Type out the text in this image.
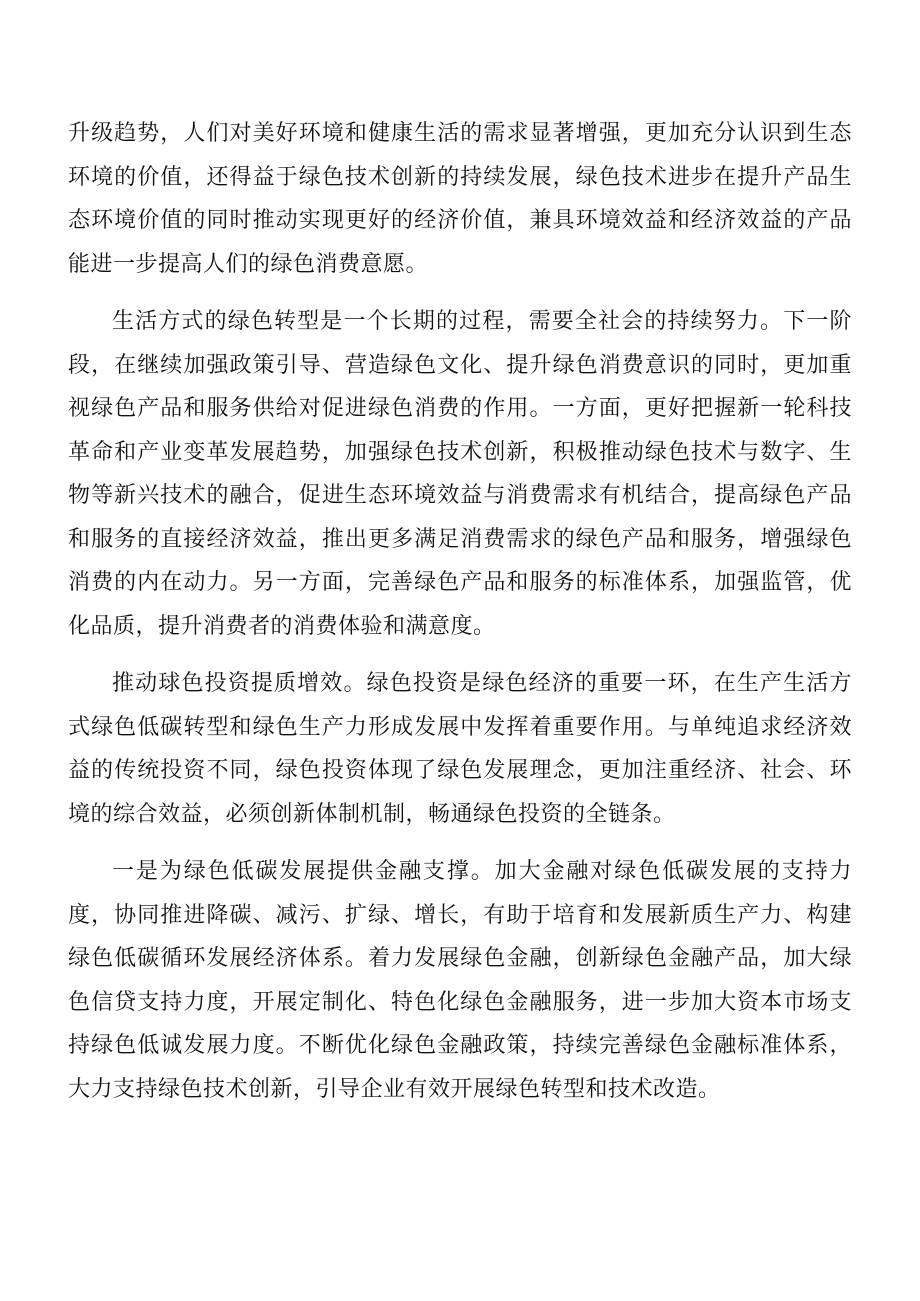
升级趋势，人们对美好环境和健康生活的需求显著增强，更加充分认识到生态环境的价值，还得益于绿色技术创新的持续发展，绿色技术进步在提升产品生态环境价值的同时推动实现更好的经济价值，兼具环境效益和经济效益的产品能进一步提高人们的绿色消费意愿。

生活方式的绿色转型是一个长期的过程，需要全社会的持续努力。下一阶段，在继续加强政策引导、营造绿色文化、提升绿色消费意识的同时，更加重视绿色产品和服务供给对促进绿色消费的作用。一方面，更好把握新一轮科技革命和产业变革发展趋势，加强绿色技术创新，积极推动绿色技术与数字、生物等新兴技术的融合，促进生态环境效益与消费需求有机结合，提高绿色产品和服务的直接经济效益，推出更多满足消费需求的绿色产品和服务，增强绿色消费的内在动力。另一方面，完善绿色产品和服务的标准体系，加强监管，优化品质，提升消费者的消费体验和满意度。

推动球色投资提质增效。绿色投资是绿色经济的重要一环，在生产生活方式绿色低碳转型和绿色生产力形成发展中发挥着重要作用。与单纯追求经济效益的传统投资不同，绿色投资体现了绿色发展理念，更加注重经济、社会、环境的综合效益，必须创新体制机制，畅通绿色投资的全链条。

一是为绿色低碳发展提供金融支撑。加大金融对绿色低碳发展的支持力度，协同推进降碳、减污、扩绿、增长，有助于培育和发展新质生产力、构建绿色低碳循环发展经济体系。着力发展绿色金融，创新绿色金融产品，加大绿色信贷支持力度，开展定制化、特色化绿色金融服务，进一步加大资本市场支持绿色低诚发展力度。不断优化绿色金融政策，持续完善绿色金融标准体系，大力支持绿色技术创新，引导企业有效开展绿色转型和技术改造。
